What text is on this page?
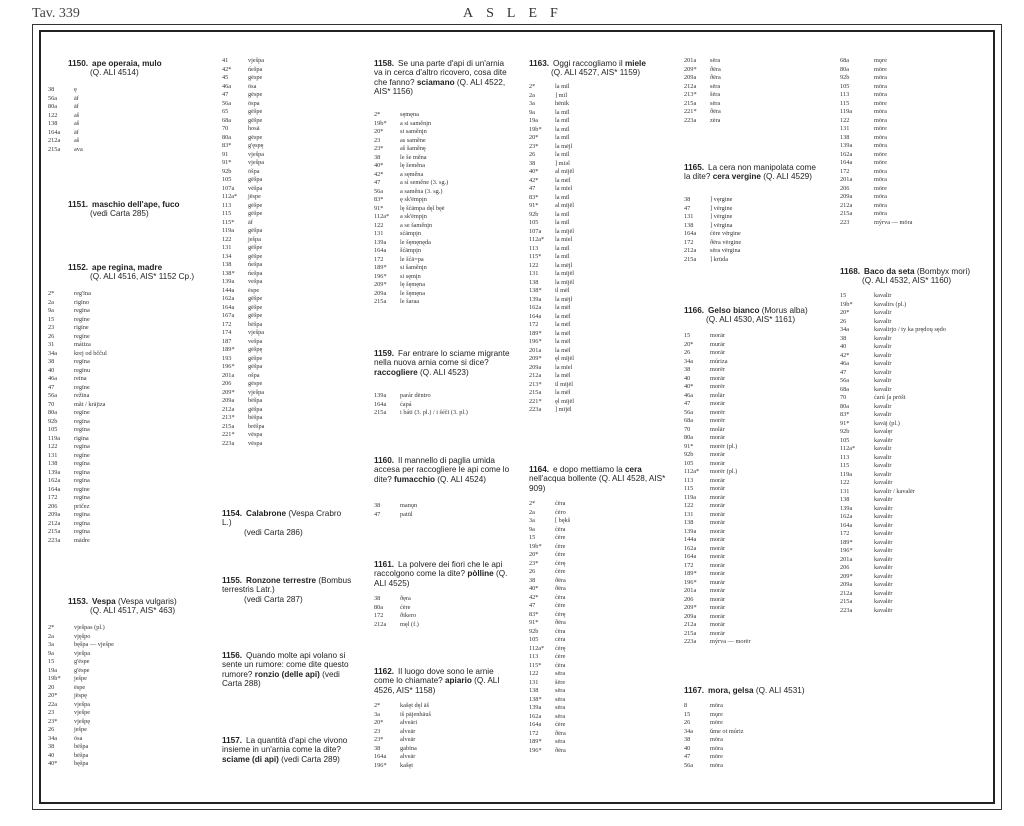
Tav. 339	ASLEF
1150. ape operaia, mulo
(Q. ALI 4514)
38	ę
56a	āf
80a	āf
122	aš
138	aš
164a	āf
212a	aš
215a	ava
1151. maschio dell'ape, fuco
(vedi Carta 285)
1152. ape regina, madre
(Q. ALI 4516, AIS* 1152 Cp.)
2*	reg'īna
2a	rigīno
9a	regīna
15	regīne
23	rigīne
26	regīne
31	mátiza
34a	krej od bččul
38	regīna
40	regīnu
46a	reīna
47	regīne
56a	režīna
70	măt / krājiza
80a	regīne
92b	regīna
105	regīna
119a	rigīna
122	regīna
131	regīne
138	regīna
139a	regīna
162a	regīna
164a	regīne
172	regīna
206	prīčez
209a	regīna
212a	regīna
215a	regīna
223a	mādre
1153. Vespa (Vespa vulgaris)
(Q. ALI 4517, AIS* 463)
2*	vješpas (pl.)
2a	vjęšpo
3a	bęšpa — vješpe
9a	vješpa
15	g'ēspe
19a	g'ēspe
19b*	ješpe
20	ēspe
20*	jēspę
22a	vješpa
23	vješpe
23*	vješpę
26	ješpe
34a	ōsa
38	bēšpa
40	bēšpa
40*	bęšpa
41	vješpa
42*	ńešpa
45	gēspe
46a	ōsa
47	gēspe
56a	ōspa
65	gēšpe
68a	gēšpe
70	hosā
80a	gēspe
83*	g'ęspę
91	vješpa
91*	vješpa
92b	ōšpa
105	gēšpa
107a	vēšpa
112a*	jēspe
113	gēšpe
115	gēšpe
115*	āf
119a	gēšpa
122	ješpa
131	gēšpe
134	gēšpe
138	ńešpa
138*	ńešpa
139a	vešpa
144a	ēspe
162a	gēšpe
164a	gēšpe
167a	gēšpe
172	bēšpa
174	vješpa
187	vešpa
189*	gēšpę
193	gēšpe
196*	gēšpa
201a	ošpa
206	gēspe
209*	vješpa
209a	bēšpa
212a	gēšpa
213*	bēšpa
215a	brēšpa
221*	vēspa
223a	vēspa
1154. Calabrone (Vespa Crabro L.)
(vedi Carta 286)
1155. Ronzone terrestre (Bombus terrestris Latr.)
(vedi Carta 287)
1156. Quando molte api volano si sente un rumore: come dite questo rumore? ronzio (delle api) (vedi Carta 288)
1157. La quantità d'api che vivono insieme in un'arnia come la dite? sciame (di api) (vedi Carta 289)
1158. Se una parte d'api di un'arnia va in cerca d'altro ricovero, cosa dite che fanno? sciamano (Q. ALI 4522, AIS* 1156)
2*	sęmęna
19b*	a si saměnįn
20*	si saměnįn
23	as saměne
23*	aš šaměnę
38	le še měna
40*	lę šeměna
42*	a sęměna
47	a sì seměne (3. sg.)
56a	a saměna (3. sg.)
83*	ę sk'ēmpįn
91*	lę šćāmpa dęl bęē
112a*	a sk'ēmpįn
122	a se šaměnįn
131	sćāmpįn
139a	le šęmęnęda
164a	šćāmpįn
172	le šćā=pa
189*	si šaměnįn
196*	si sęmįn
209*	lę šęmęna
209a	le šęmęna
215a	le šaraa
1159. Far entrare lo sciame migrante nella nuova arnia come si dice? raccogliere (Q. ALI 4523)
139a	parár dēntro
164a	ćapá
215a	i báti (3. pl.) / i šéči (3. pl.)
1160. Il mannello di paglia umida accesa per raccogliere le api come lo dite? fumacchio (Q. ALI 4524)
38	manǫn
47	patūl
1161. La polvere dei fiori che le api raccolgono come la dite? pòlline (Q. ALI 4525)
38	ðęra
80a	ćēre
172	ðikero
212a	męl (f.)
1162. Il luogo dove sono le arnie come lo chiamate? apiario (Q. ALI 4526, AIS* 1158)
2*	kašęt dęl āš
3a	iš pājenhāuš
20*	alveāri
23	alveār
23*	alveār
38	gabīna
164a	alveār
196*	kašęt
1163. Oggi raccogliamo il miele
(Q. ALI 4527, AIS* 1159)
2*	la mīl
2a	] mīl
3a	hēnik
9a	la mīl
19a	la mīl
19b*	la mīl
20*	la mīl
23*	la mējl
26	la mīl
38	] mīəl
40*	al mījēl
42*	la mēl
47	la mīel
83*	la mīl
91*	al mījēl
92b	la mīl
105	la mīl
107a	la mījēl
112a*	la mīel
113	la mīl
115*	la mīl
122	la mējl
131	la mījēl
138	la mījēl
138*	il mēl
139a	la mējl
162a	la mēl
164a	la mēl
172	la mēl
189*	la mēl
196*	la mēl
201a	la mēl
209*	ęl mījēl
209a	la mīel
212a	la mēl
213*	il mījēl
215a	la mēl
221*	ęl mījēl
223a	] mījēl
1164. e dopo mettiamo la cera nell'acqua bollente (Q. ALI 4528, AIS* 909)
2*	ćēra
2a	ćēro
3a	[ bękš
9a	ćēra
15	ćēre
19b*	ćēre
20*	ćēre
23*	ćērę
26	ćēre
38	ðēra
40*	ðēra
42*	ćēra
47	ćēre
83*	ćērę
91*	ðēra
92b	ćēra
105	cēra
112a*	ćērę
113	ćēre
115*	ćēra
122	sēra
131	šēre
138	sēra
138*	sēra
139a	sēra
162a	sēra
164a	ćēre
172	ðēra
189*	sēra
196*	ðēra
201a	sēra
209*	ðēra
209a	ðēra
212a	sēra
213*	šēra
215a	sēra
221*	ðēra
223a	zēra
1165. La cera non manipolata come la dite? cera vergine (Q. ALI 4529)
38	] vęrgine
47	] vērgine
131	] vērgine
138	] vērgina
164a	ćēre vērgine
172	ðēra vērgine
212a	sēra vērgina
215a	] krūda
1166. Gelso bianco (Morus alba)
(Q. ALI 4530, AIS* 1161)
15	morār
20*	murār
26	morār
34a	múriza
38	morēr
40	morār
40*	morēr
46a	molār
47	morār
56a	morēr
68a	morēr
70	molār
80a	morār
91*	morēr (pl.)
92b	morār
105	morār
112a*	morēr (pl.)
113	morār
115	morār
119a	morār
122	morār
131	morār
138	morār
139a	morār
144a	morār
162a	morār
164a	morār
172	morār
189*	morār
196*	murār
201a	morār
206	morār
209*	morār
209a	morār
212a	morār
215a	morār
223a	mýrva — morēr
1167. mora, gelsa (Q. ALI 4531)
8	mōra
15	mǫre
26	mōre
34a	ŭme ot múriz
38	mōra
40	mōra
47	mōre
56a	mōra
68a	mǫre
80a	mōre
92b	mōra
105	mōra
113	mōra
115	mōre
119a	mōra
122	mōra
131	mōre
138	mōra
139a	mōra
162a	mōre
164a	mōre
172	mōra
201a	mōra
206	mōre
209a	mōra
212a	mōra
215a	mōra
223	mýrva — mōra
1168. Baco da seta (Bombyx mori)
(Q. ALI 4532, AIS* 1160)
15	kavalīr
19b*	kavalīrs (pl.)
20*	kavalīr
26	kavalīr
34a	kavalirjo / ty ka prędoų sędo
38	kavalīr
40	kavalīr
42*	kavalīr
46a	kavalīr
47	kavalīr
56a	kavalīr
68a	kavalīr
70	ćarú ʃa prōšt
80a	kavalīr
83*	kavalīr
91*	kavāj (pl.)
92b	kavalęr
105	kavalēr
112a*	kavalīr
113	kavalīr
115	kavalīr
119a	kavalīr
122	kavalēr
131	kavalīr / kavalēr
138	kavalēr
139a	kavalēr
162a	kavalēr
164a	kavalēr
172	kavalēr
189*	kavalēr
196*	kavalēr
201a	kavalēr
206	kavalēr
209*	kavalēr
209a	kavalēr
212a	kavalēr
215a	kavalēr
223a	kavalēr
